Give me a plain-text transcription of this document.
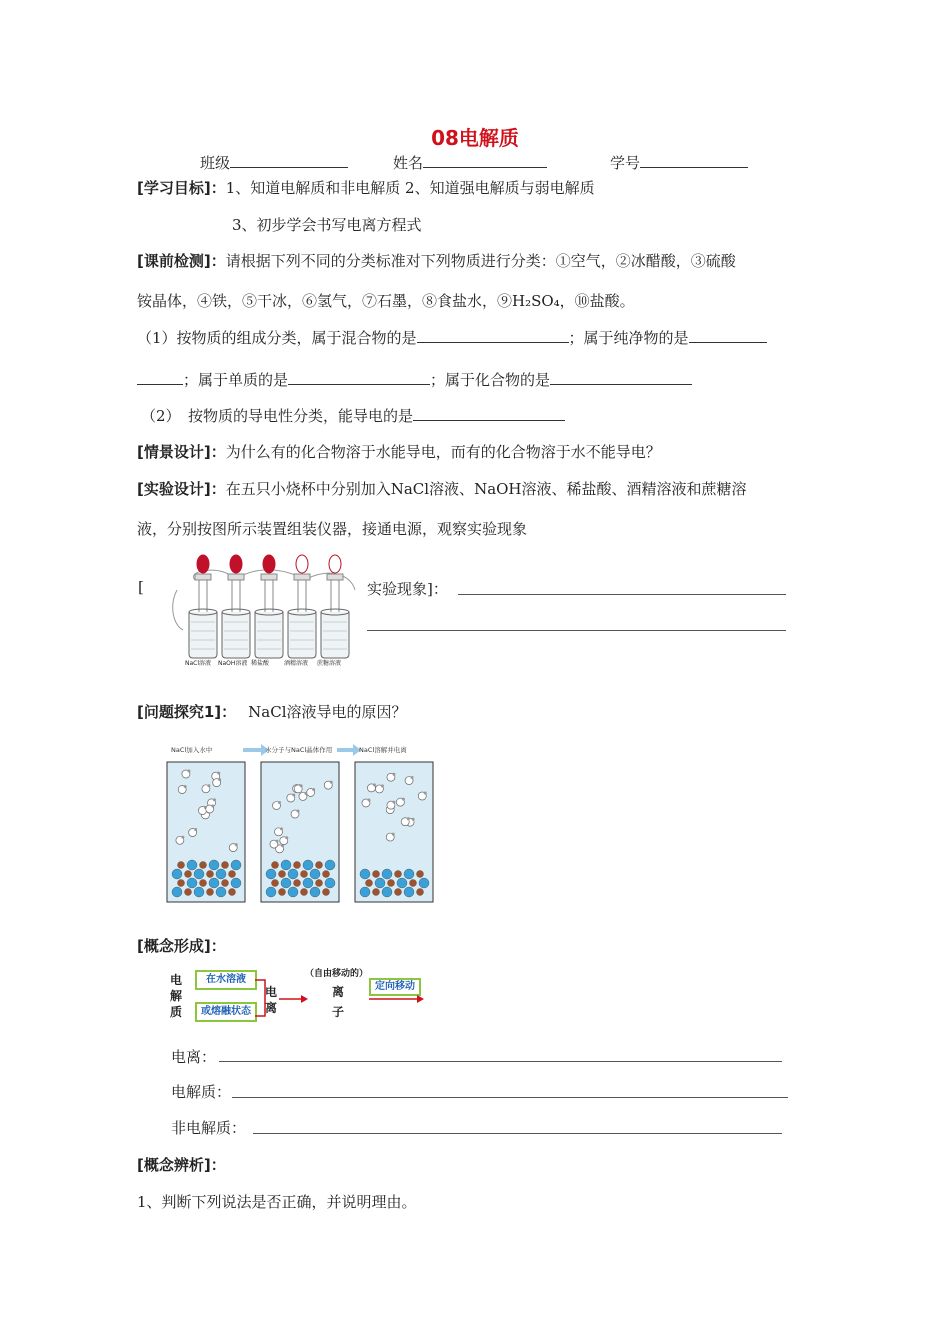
08电解质
班级	姓名	学号
[学习目标]：1、知道电解质和非电解质 2、知道强电解质与弱电解质
3、初步学会书写电离方程式
[课前检测]：请根据下列不同的分类标准对下列物质进行分类：①空气，②冰醋酸，③硫酸
铵晶体，④铁，⑤干冰，⑥氢气，⑦石墨，⑧食盐水，⑨H₂SO₄，⑩盐酸。
（1）按物质的组成分类，属于混合物的是	；属于纯净物的是
；属于单质的是	；属于化合物的是
（2）　按物质的导电性分类，能导电的是
[情景设计]：为什么有的化合物溶于水能导电，而有的化合物溶于水不能导电？
[实验设计]：在五只小烧杯中分别加入NaCl溶液、NaOH溶液、稀盐酸、酒精溶液和蔗糖溶
液，分别按图所示装置组装仪器，接通电源，观察实验现象
[
NaCl溶液 NaOH溶液 稀盐酸 酒精溶液 蔗糖溶液
实验现象]：
[问题探究1]： NaCl溶液导电的原因？
NaCl加入水中	水分子与NaCl晶体作用	NaCl溶解并电离
[概念形成]：
电
解
质
在水溶液
或熔融状态
电
离
（自由移动的）
离
子
定向移动
电离：
电解质：
非电解质：
[概念辨析]：
1、判断下列说法是否正确，并说明理由。
